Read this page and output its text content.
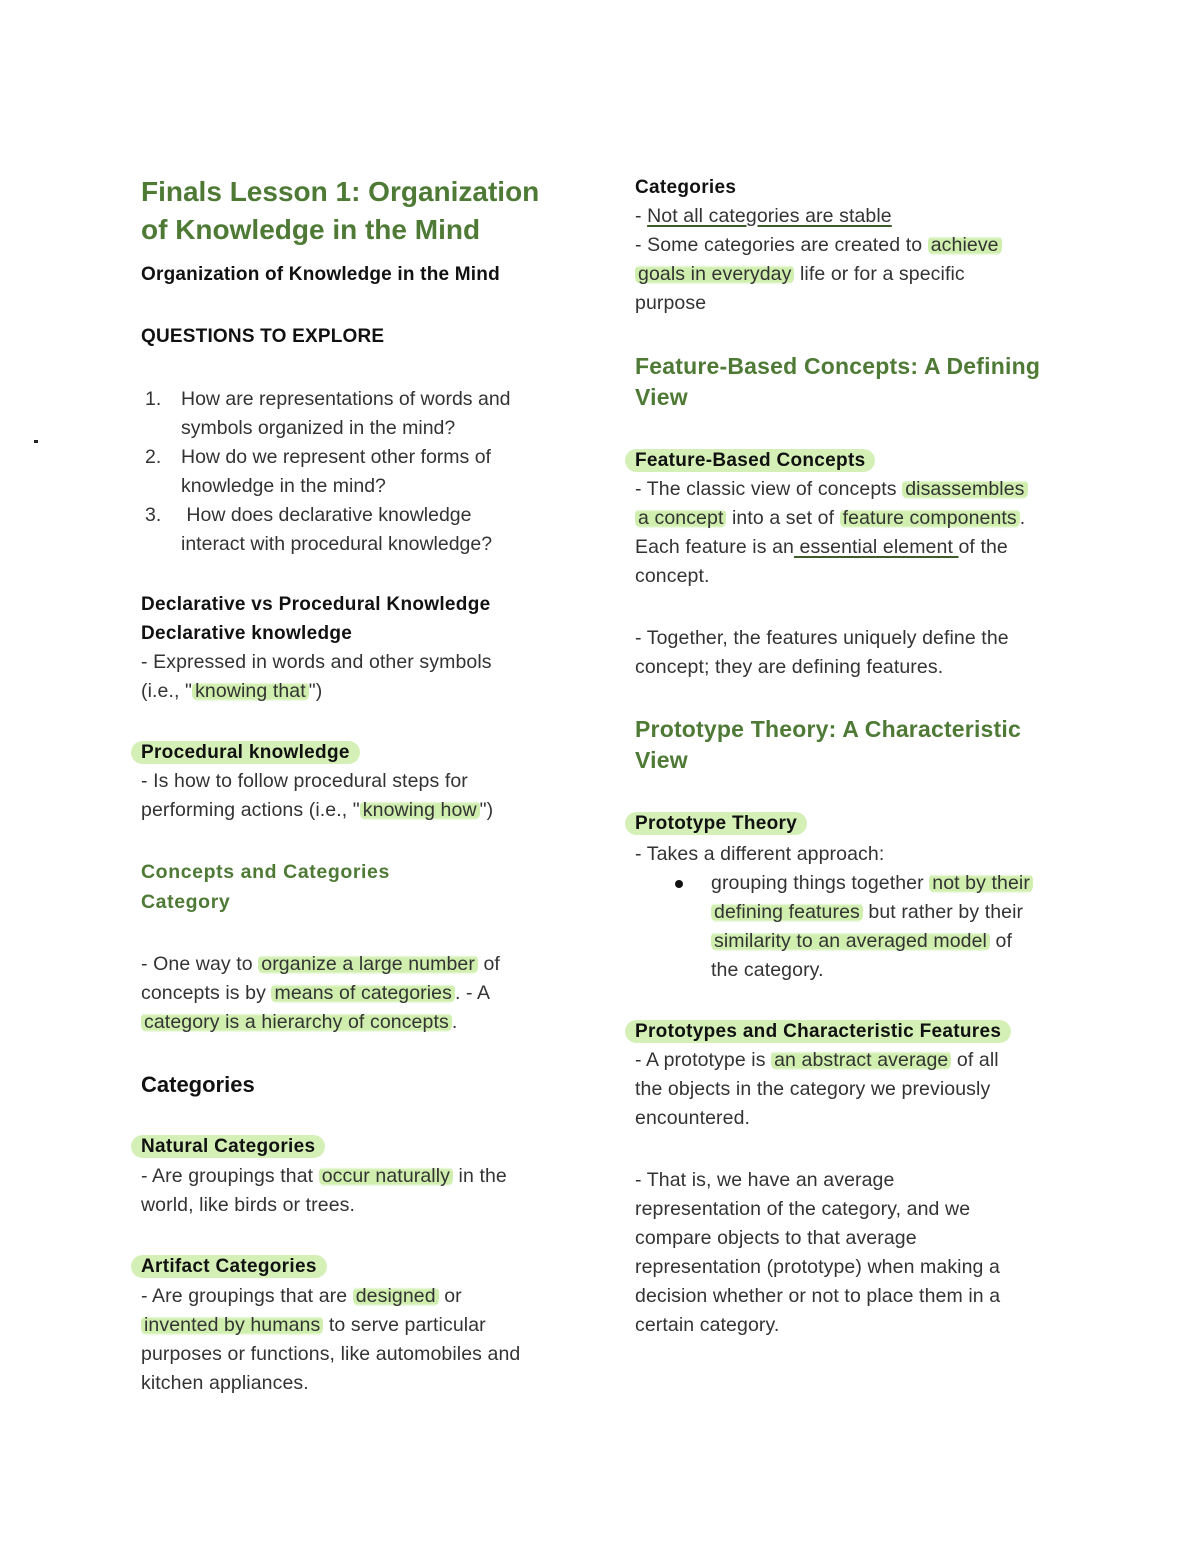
Finals Lesson 1: Organization
of Knowledge in the Mind
Organization of Knowledge in the Mind
QUESTIONS TO EXPLORE
1. How are representations of words and
symbols organized in the mind?
2. How do we represent other forms of
knowledge in the mind?
3. How does declarative knowledge
interact with procedural knowledge?
Declarative vs Procedural Knowledge
Declarative knowledge
- Expressed in words and other symbols
(i.e., " knowing that ")
Procedural knowledge
- Is how to follow procedural steps for
performing actions (i.e., " knowing how ")
Concepts and Categories
Category
- One way to organize a large number of
concepts is by means of categories . - A
category is a hierarchy of concepts .
Categories
Natural Categories
- Are groupings that occur naturally in the
world, like birds or trees.
Artifact Categories
- Are groupings that are designed or
invented by humans to serve particular
purposes or functions, like automobiles and
kitchen appliances.
Categories
- Not all categories are stable
- Some categories are created to achieve
goals in everyday life or for a specific
purpose
Feature-Based Concepts: A Defining
View
Feature-Based Concepts
- The classic view of concepts disassembles
a concept into a set of feature components .
Each feature is an essential element of the
concept.
- Together, the features uniquely define the
concept; they are defining features.
Prototype Theory: A Characteristic
View
Prototype Theory
- Takes a different approach:
grouping things together not by their
defining features but rather by their
similarity to an averaged model of
the category.
Prototypes and Characteristic Features
- A prototype is an abstract average of all
the objects in the category we previously
encountered.
- That is, we have an average
representation of the category, and we
compare objects to that average
representation (prototype) when making a
decision whether or not to place them in a
certain category.
